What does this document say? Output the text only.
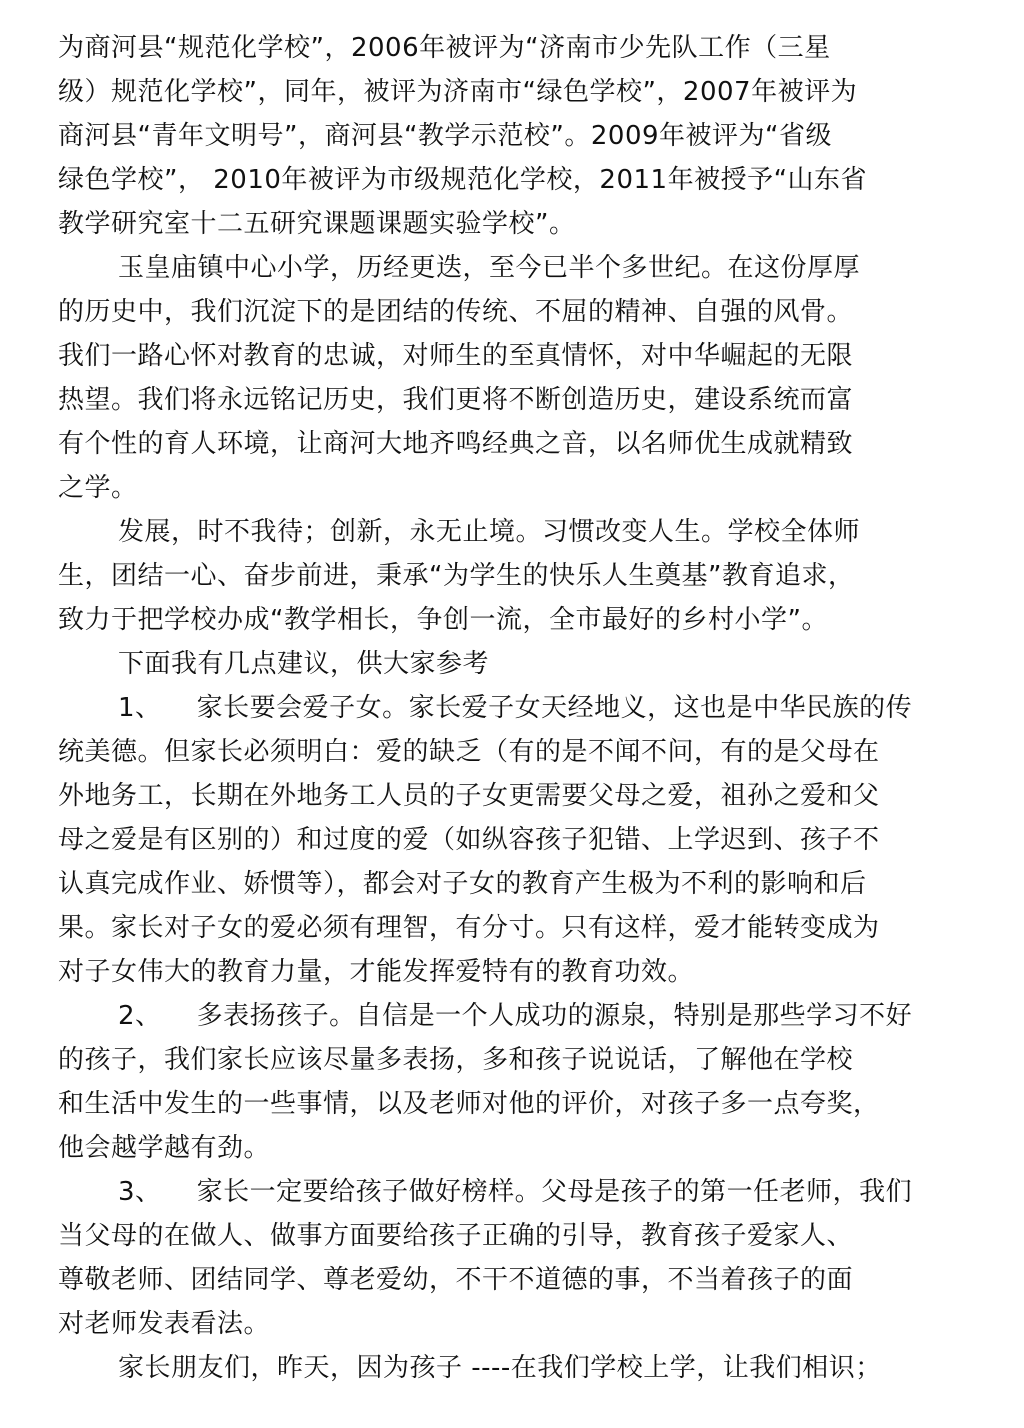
为商河县“规范化学校”，2006年被评为“济南市少先队工作（三星
级）规范化学校”，同年，被评为济南市“绿色学校”，2007年被评为
商河县“青年文明号”，商河县“教学示范校”。2009年被评为“省级
绿色学校”， 2010年被评为市级规范化学校，2011年被授予“山东省
教学研究室十二五研究课题课题实验学校”。
玉皇庙镇中心小学，历经更迭，至今已半个多世纪。在这份厚厚
的历史中，我们沉淀下的是团结的传统、不屈的精神、自强的风骨。
我们一路心怀对教育的忠诚，对师生的至真情怀，对中华崛起的无限
热望。我们将永远铭记历史，我们更将不断创造历史，建设系统而富
有个性的育人环境，让商河大地齐鸣经典之音，以名师优生成就精致
之学。
发展，时不我待；创新，永无止境。习惯改变人生。学校全体师
生，团结一心、奋步前进，秉承“为学生的快乐人生奠基”教育追求，
致力于把学校办成“教学相长，争创一流，全市最好的乡村小学”。
下面我有几点建议，供大家参考
1、    家长要会爱子女。家长爱子女天经地义，这也是中华民族的传
统美德。但家长必须明白：爱的缺乏（有的是不闻不问，有的是父母在
外地务工，长期在外地务工人员的子女更需要父母之爱，祖孙之爱和父
母之爱是有区别的）和过度的爱（如纵容孩子犯错、上学迟到、孩子不
认真完成作业、娇惯等），都会对子女的教育产生极为不利的影响和后
果。家长对子女的爱必须有理智，有分寸。只有这样，爱才能转变成为
对子女伟大的教育力量，才能发挥爱特有的教育功效。
2、    多表扬孩子。自信是一个人成功的源泉，特别是那些学习不好
的孩子，我们家长应该尽量多表扬，多和孩子说说话，了解他在学校
和生活中发生的一些事情，以及老师对他的评价，对孩子多一点夸奖，
他会越学越有劲。
3、    家长一定要给孩子做好榜样。父母是孩子的第一任老师，我们
当父母的在做人、做事方面要给孩子正确的引导，教育孩子爱家人、
尊敬老师、团结同学、尊老爱幼，不干不道德的事，不当着孩子的面
对老师发表看法。
家长朋友们，昨天，因为孩子 ----在我们学校上学，让我们相识；
